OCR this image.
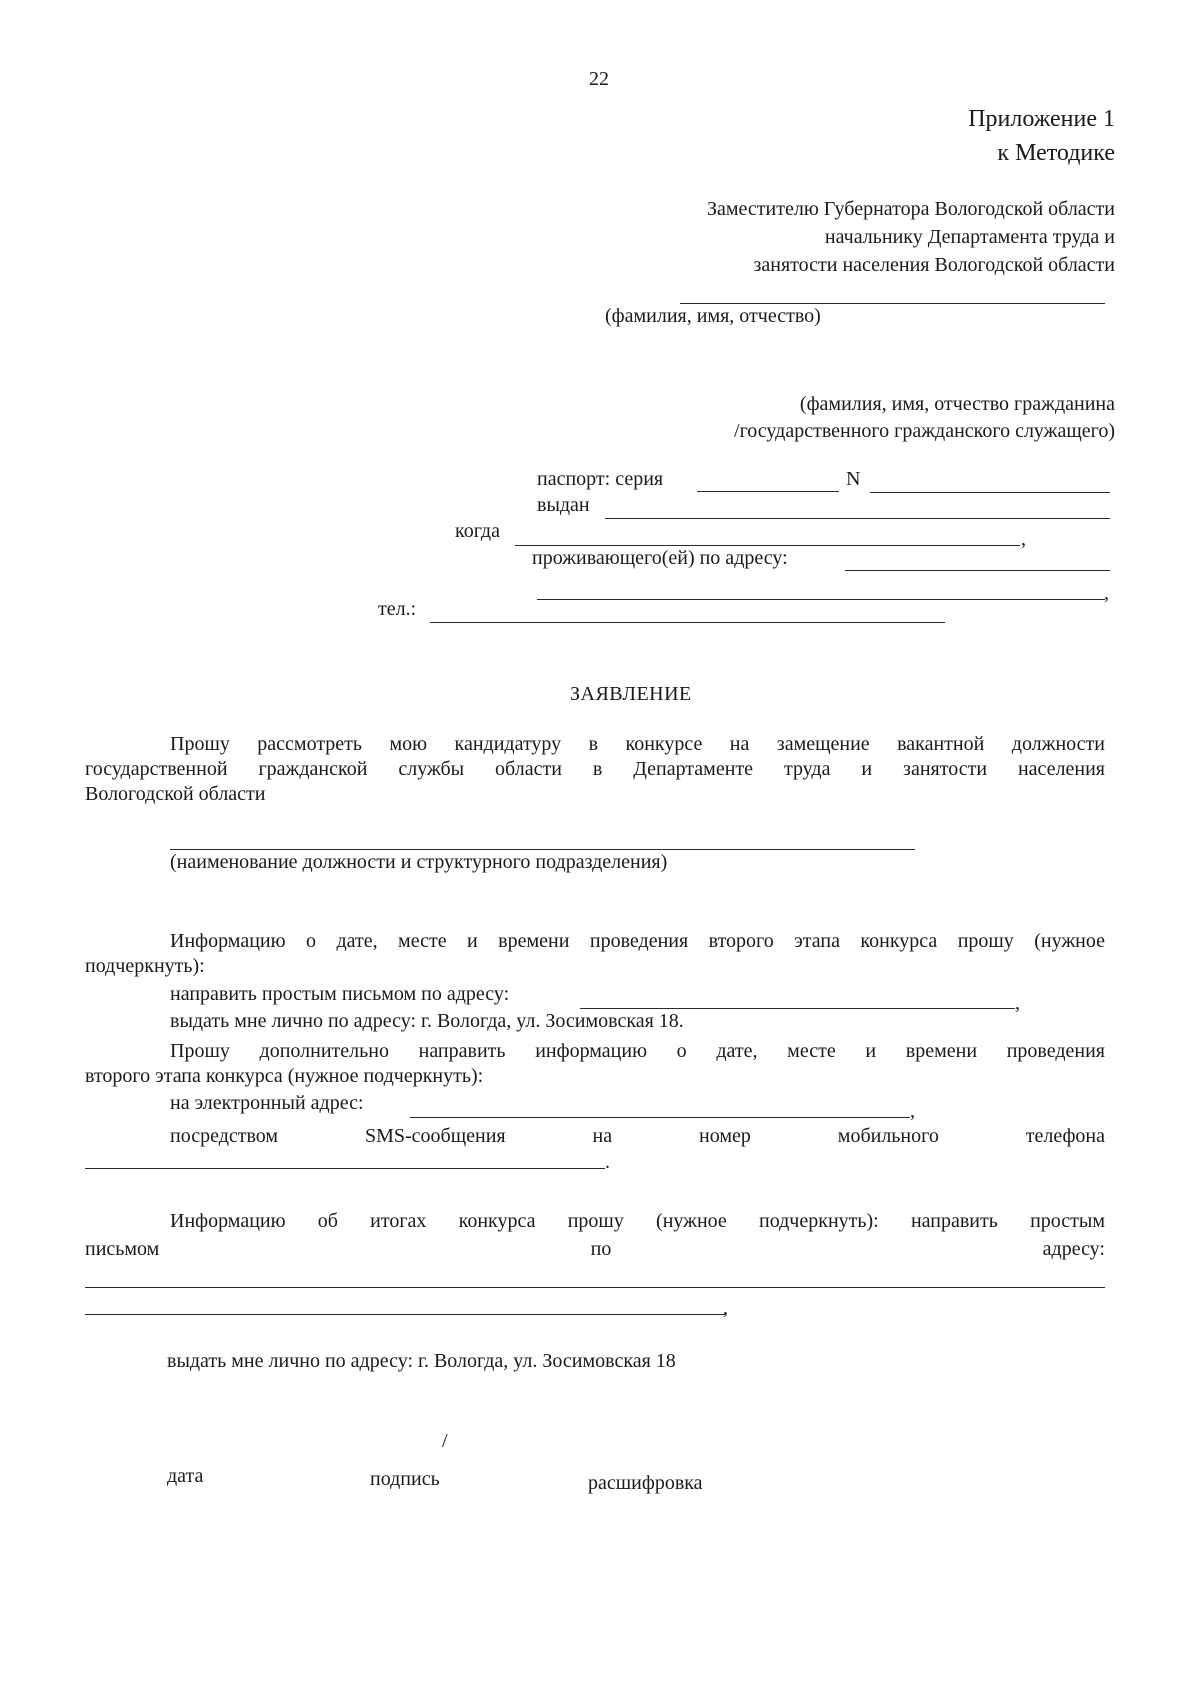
22
Приложение 1
к Методике
Заместителю Губернатора Вологодской области
начальнику Департамента труда и
занятости населения Вологодской области
(фамилия, имя, отчество)
(фамилия, имя, отчество гражданина
/государственного гражданского служащего)
паспорт: серия	N
выдан
когда	,
проживающего(ей) по адресу:
,
тел.:
ЗАЯВЛЕНИЕ
Прошу рассмотреть мою кандидатуру в конкурсе на замещение вакантной должности
государственной гражданской службы области в Департаменте труда и занятости населения
Вологодской области
(наименование должности и структурного подразделения)
Информацию о дате, месте и времени проведения второго этапа конкурса прошу (нужное
подчеркнуть):
направить простым письмом по адресу:	,
выдать мне лично по адресу: г. Вологда, ул. Зосимовская 18.
Прошу дополнительно направить информацию о дате, месте и времени проведения
второго этапа конкурса (нужное подчеркнуть):
на электронный адрес:	,
посредством	SMS-сообщения	на	номер	мобильного	телефона
.
Информацию об итогах конкурса прошу (нужное подчеркнуть): направить простым
письмом	по	адресу:
,
выдать мне лично по адресу: г. Вологда, ул. Зосимовская 18
/
дата	подпись	расшифровка
